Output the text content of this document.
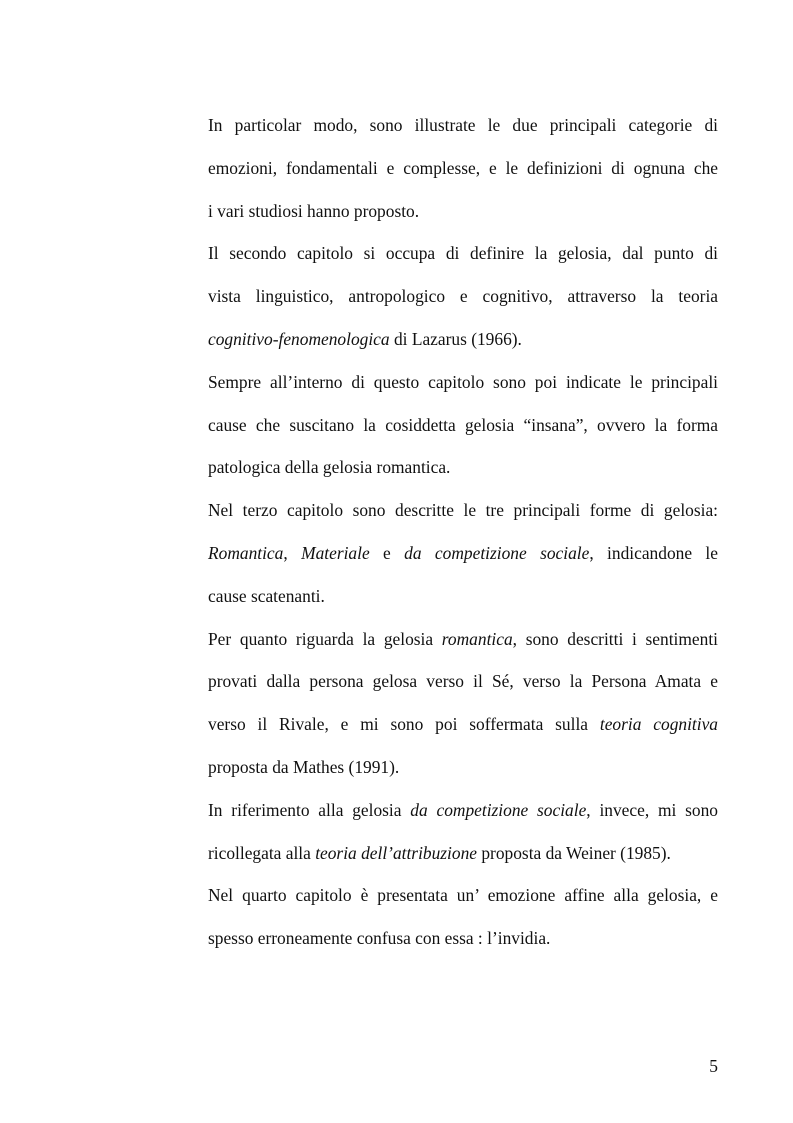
In particolar modo, sono illustrate le due principali categorie di
emozioni, fondamentali e complesse, e le definizioni di ognuna che
i vari studiosi hanno proposto.
Il secondo capitolo si occupa di definire la gelosia, dal punto di
vista linguistico, antropologico e cognitivo, attraverso la teoria
cognitivo-fenomenologica di Lazarus (1966).
Sempre all’interno di questo capitolo sono poi indicate le principali
cause che suscitano la cosiddetta gelosia “insana”, ovvero la forma
patologica della gelosia romantica.
Nel terzo capitolo sono descritte le tre principali forme di gelosia:
Romantica, Materiale e da competizione sociale, indicandone le
cause scatenanti.
Per quanto riguarda la gelosia romantica, sono descritti i sentimenti
provati dalla persona gelosa verso il Sé, verso la Persona Amata e
verso il Rivale, e mi sono poi soffermata sulla teoria cognitiva
proposta da Mathes (1991).
In riferimento alla gelosia da competizione sociale, invece, mi sono
ricollegata alla teoria dell’attribuzione proposta da Weiner (1985).
Nel quarto capitolo è presentata un’ emozione affine alla gelosia, e
spesso erroneamente confusa con essa : l’invidia.
5
